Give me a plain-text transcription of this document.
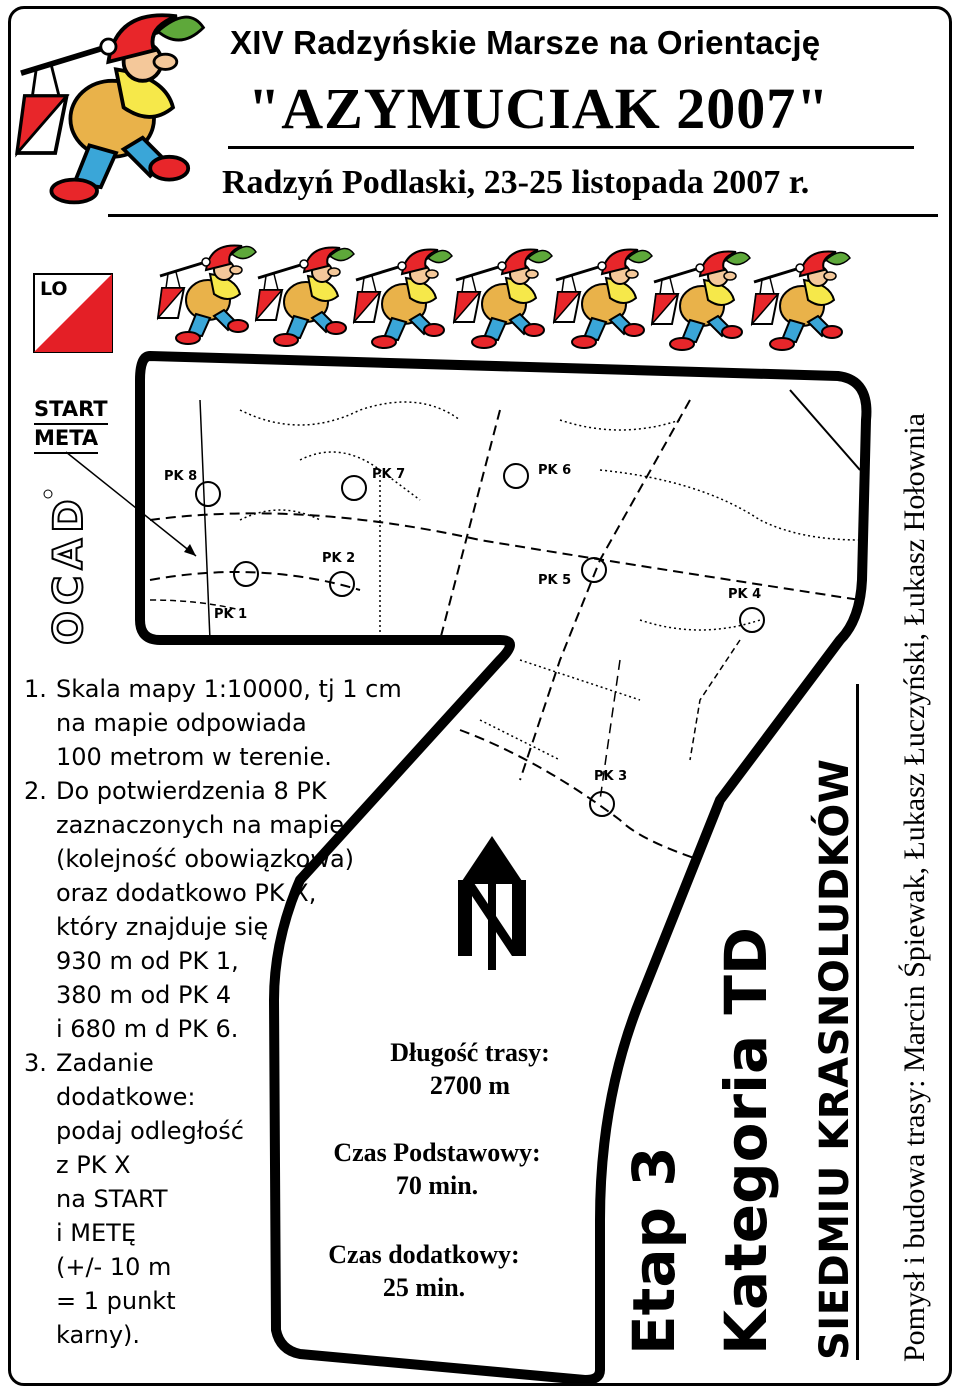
PK 8	PK 7	PK 6
PK 2
PK 5
PK 4
PK 1
PK 3
XIV Radzyńskie Marsze na Orientację
"AZYMUCIAK 2007"
Radzyń Podlaski, 23-25 listopada 2007 r.
LO
START
META
OCAD
1. Skala mapy 1:10000, tj 1 cm
na mapie odpowiada
100 metrom w terenie.
2. Do potwierdzenia 8 PK
zaznaczonych na mapie
(kolejność obowiązkowa)
oraz dodatkowo PK X,
który znajduje się
930 m od PK 1,
380 m od PK 4
i 680 m d PK 6.
3. Zadanie
dodatkowe:
podaj odległość
z PK X
na START
i METĘ
(+/- 10 m
= 1 punkt
karny).
Długość trasy:
2700 m
Czas Podstawowy:
70 min.
Czas dodatkowy:
25 min.	Etap 3 Kategoria TD SIEDMIU KRASNOLUDKÓW Pomysł i budowa trasy: Marcin Śpiewak, Łukasz Łuczyński, Łukasz Hołownia
